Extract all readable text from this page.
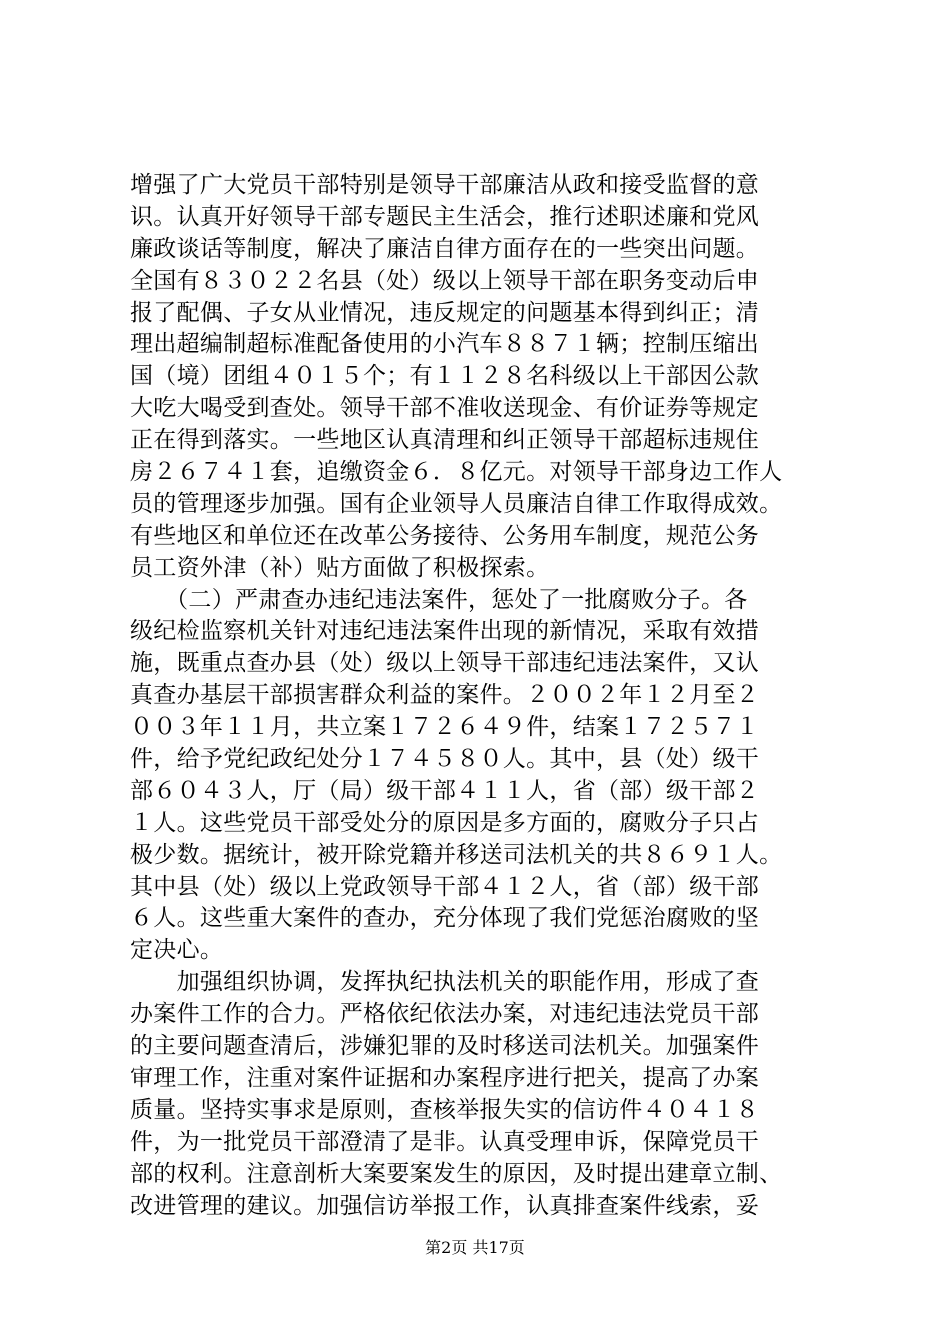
增强了广大党员干部特别是领导干部廉洁从政和接受监督的意
识。认真开好领导干部专题民主生活会，推行述职述廉和党风
廉政谈话等制度，解决了廉洁自律方面存在的一些突出问题。
全国有８３０２２名县（处）级以上领导干部在职务变动后申
报了配偶、子女从业情况，违反规定的问题基本得到纠正；清
理出超编制超标准配备使用的小汽车８８７１辆；控制压缩出
国（境）团组４０１５个；有１１２８名科级以上干部因公款
大吃大喝受到查处。领导干部不准收送现金、有价证券等规定
正在得到落实。一些地区认真清理和纠正领导干部超标违规住
房２６７４１套，追缴资金６．８亿元。对领导干部身边工作人
员的管理逐步加强。国有企业领导人员廉洁自律工作取得成效。
有些地区和单位还在改革公务接待、公务用车制度，规范公务
员工资外津（补）贴方面做了积极探索。
　　（二）严肃查办违纪违法案件，惩处了一批腐败分子。各
级纪检监察机关针对违纪违法案件出现的新情况，采取有效措
施，既重点查办县（处）级以上领导干部违纪违法案件，又认
真查办基层干部损害群众利益的案件。２００２年１２月至２
００３年１１月，共立案１７２６４９件，结案１７２５７１
件，给予党纪政纪处分１７４５８０人。其中，县（处）级干
部６０４３人，厅（局）级干部４１１人，省（部）级干部２
１人。这些党员干部受处分的原因是多方面的，腐败分子只占
极少数。据统计，被开除党籍并移送司法机关的共８６９１人。
其中县（处）级以上党政领导干部４１２人，省（部）级干部
６人。这些重大案件的查办，充分体现了我们党惩治腐败的坚
定决心。
　　加强组织协调，发挥执纪执法机关的职能作用，形成了查
办案件工作的合力。严格依纪依法办案，对违纪违法党员干部
的主要问题查清后，涉嫌犯罪的及时移送司法机关。加强案件
审理工作，注重对案件证据和办案程序进行把关，提高了办案
质量。坚持实事求是原则，查核举报失实的信访件４０４１８
件，为一批党员干部澄清了是非。认真受理申诉，保障党员干
部的权利。注意剖析大案要案发生的原因，及时提出建章立制、
改进管理的建议。加强信访举报工作，认真排查案件线索，妥
第2页 共17页
